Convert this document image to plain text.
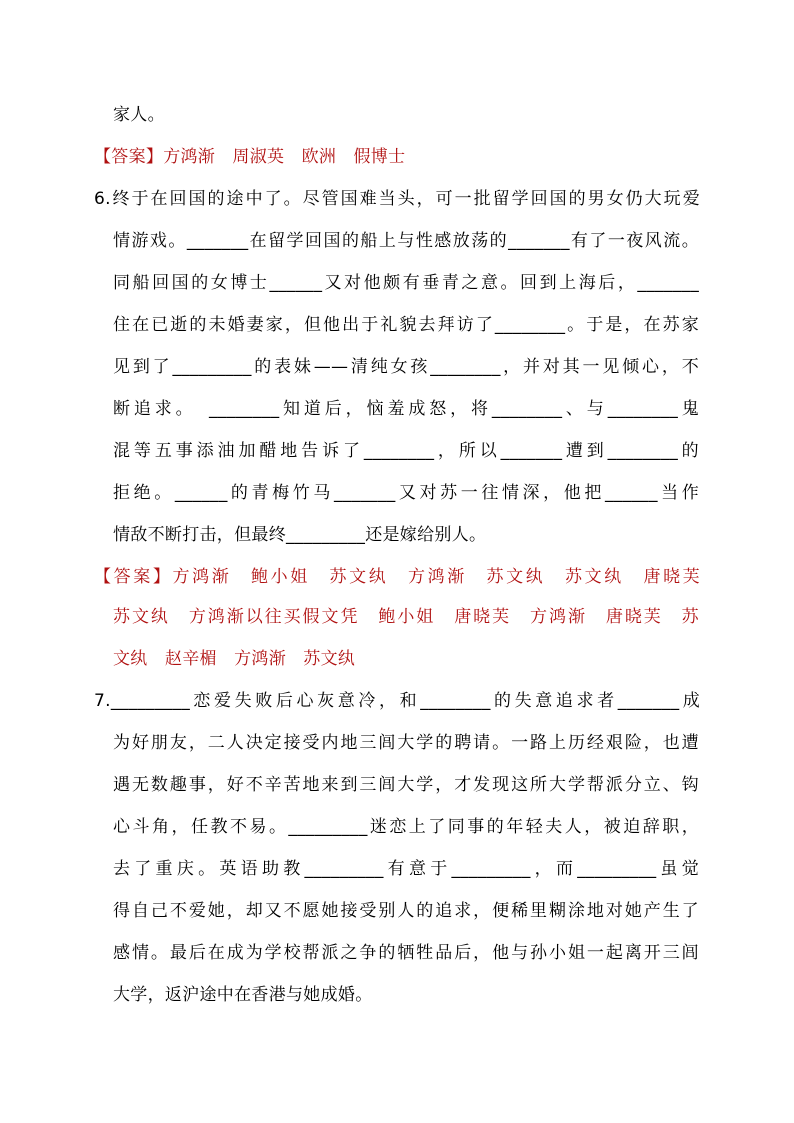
家人。
【答案】方鸿渐　周淑英　欧洲　假博士
6.终于在回国的途中了。尽管国难当头，可一批留学回国的男女仍大玩爱
情游戏。_______在留学回国的船上与性感放荡的_______有了一夜风流。
同船回国的女博士______又对他颇有垂青之意。回到上海后，_______
住在已逝的未婚妻家，但他出于礼貌去拜访了________。于是，在苏家
见到了_________的表妹——清纯女孩________，并对其一见倾心，不
断追求。　________知道后，恼羞成怒，将________、与________鬼
混等五事添油加醋地告诉了________，所以_______遭到________的
拒绝。______的青梅竹马_______又对苏一往情深，他把______当作
情敌不断打击，但最终_________还是嫁给别人。
【答案】方鸿渐　鲍小姐　苏文纨　方鸿渐　苏文纨　苏文纨　唐晓芙
苏文纨　方鸿渐以往买假文凭　鲍小姐　唐晓芙　方鸿渐　唐晓芙　苏
文纨　赵辛楣　方鸿渐　苏文纨
7._________恋爱失败后心灰意冷，和________的失意追求者_______成
为好朋友，二人决定接受内地三闾大学的聘请。一路上历经艰险，也遭
遇无数趣事，好不辛苦地来到三闾大学，才发现这所大学帮派分立、钩
心斗角，任教不易。_________迷恋上了同事的年轻夫人，被迫辞职，
去了重庆。英语助教_________有意于_________，而_________虽觉
得自己不爱她，却又不愿她接受别人的追求，便稀里糊涂地对她产生了
感情。最后在成为学校帮派之争的牺牲品后，他与孙小姐一起离开三闾
大学，返沪途中在香港与她成婚。
